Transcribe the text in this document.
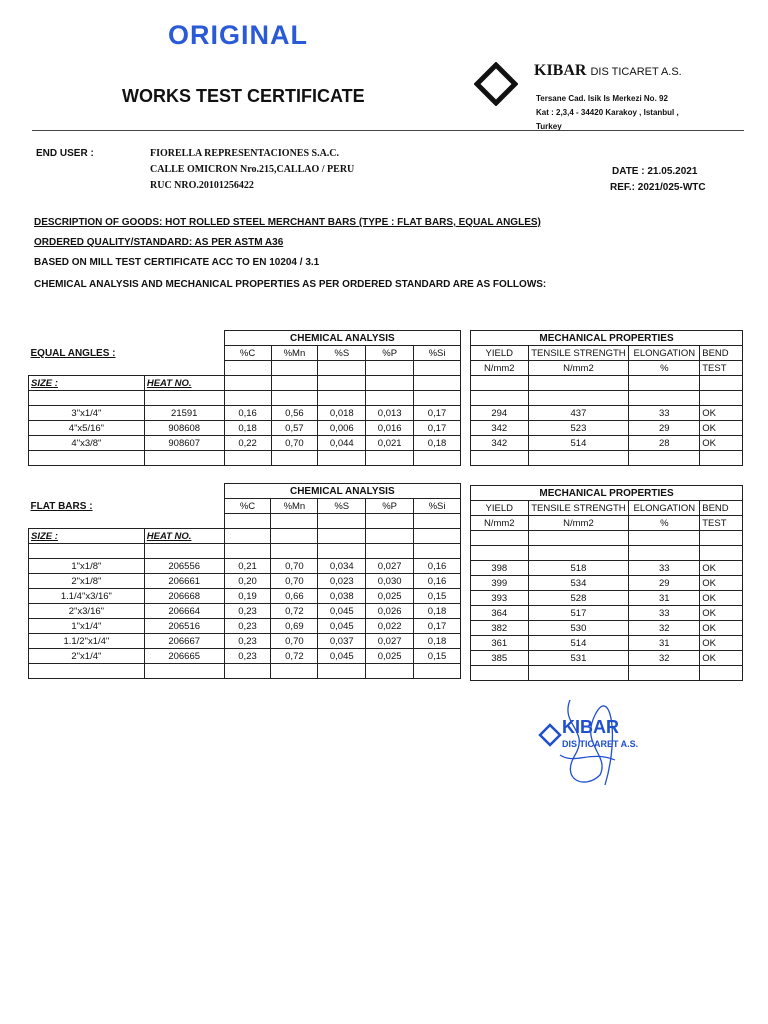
ORIGINAL
WORKS TEST CERTIFICATE
KIBAR DIS TICARET A.S.
Tersane Cad. Isik Is Merkezi No. 92
Kat : 2,3,4 - 34420 Karakoy , Istanbul ,
Turkey
END USER :	FIORELLA REPRESENTACIONES S.A.C.
CALLE OMICRON Nro.215,CALLAO / PERU
RUC NRO.20101256422
DATE : 21.05.2021
REF.: 2021/025-WTC
DESCRIPTION OF GOODS: HOT ROLLED STEEL MERCHANT BARS (TYPE : FLAT BARS, EQUAL ANGLES)
ORDERED QUALITY/STANDARD: AS PER ASTM A36
BASED ON MILL TEST CERTIFICATE ACC TO EN 10204 / 3.1
CHEMICAL ANALYSIS AND MECHANICAL PROPERTIES AS PER ORDERED STANDARD ARE AS FOLLOWS:
		CHEMICAL ANALYSIS				
EQUAL ANGLES :		%C	%Mn	%S	%P	%Si

SIZE :	HEAT NO.					

3"x1/4"	21591	0,16	0,56	0,018	0,013	0,17
4"x5/16"	908608	0,18	0,57	0,006	0,016	0,17
4"x3/8"	908607	0,22	0,70	0,044	0,021	0,18

MECHANICAL PROPERTIES			
YIELD	TENSILE STRENGTH	ELONGATION	BEND
N/mm2	N/mm2	%	TEST

294	437	33	OK
342	523	29	OK
342	514	28	OK

		CHEMICAL ANALYSIS				
FLAT BARS :		%C	%Mn	%S	%P	%Si

SIZE :	HEAT NO.					

1"x1/8"	206556	0,21	0,70	0,034	0,027	0,16
2"x1/8"	206661	0,20	0,70	0,023	0,030	0,16
1.1/4"x3/16"	206668	0,19	0,66	0,038	0,025	0,15
2"x3/16"	206664	0,23	0,72	0,045	0,026	0,18
1"x1/4"	206516	0,23	0,69	0,045	0,022	0,17
1.1/2"x1/4"	206667	0,23	0,70	0,037	0,027	0,18
2"x1/4"	206665	0,23	0,72	0,045	0,025	0,15

MECHANICAL PROPERTIES			
YIELD	TENSILE STRENGTH	ELONGATION	BEND
N/mm2	N/mm2	%	TEST

398	518	33	OK
399	534	29	OK
393	528	31	OK
364	517	33	OK
382	530	32	OK
361	514	31	OK
385	531	32	OK

KIBAR
DIS TICARET A.S.
